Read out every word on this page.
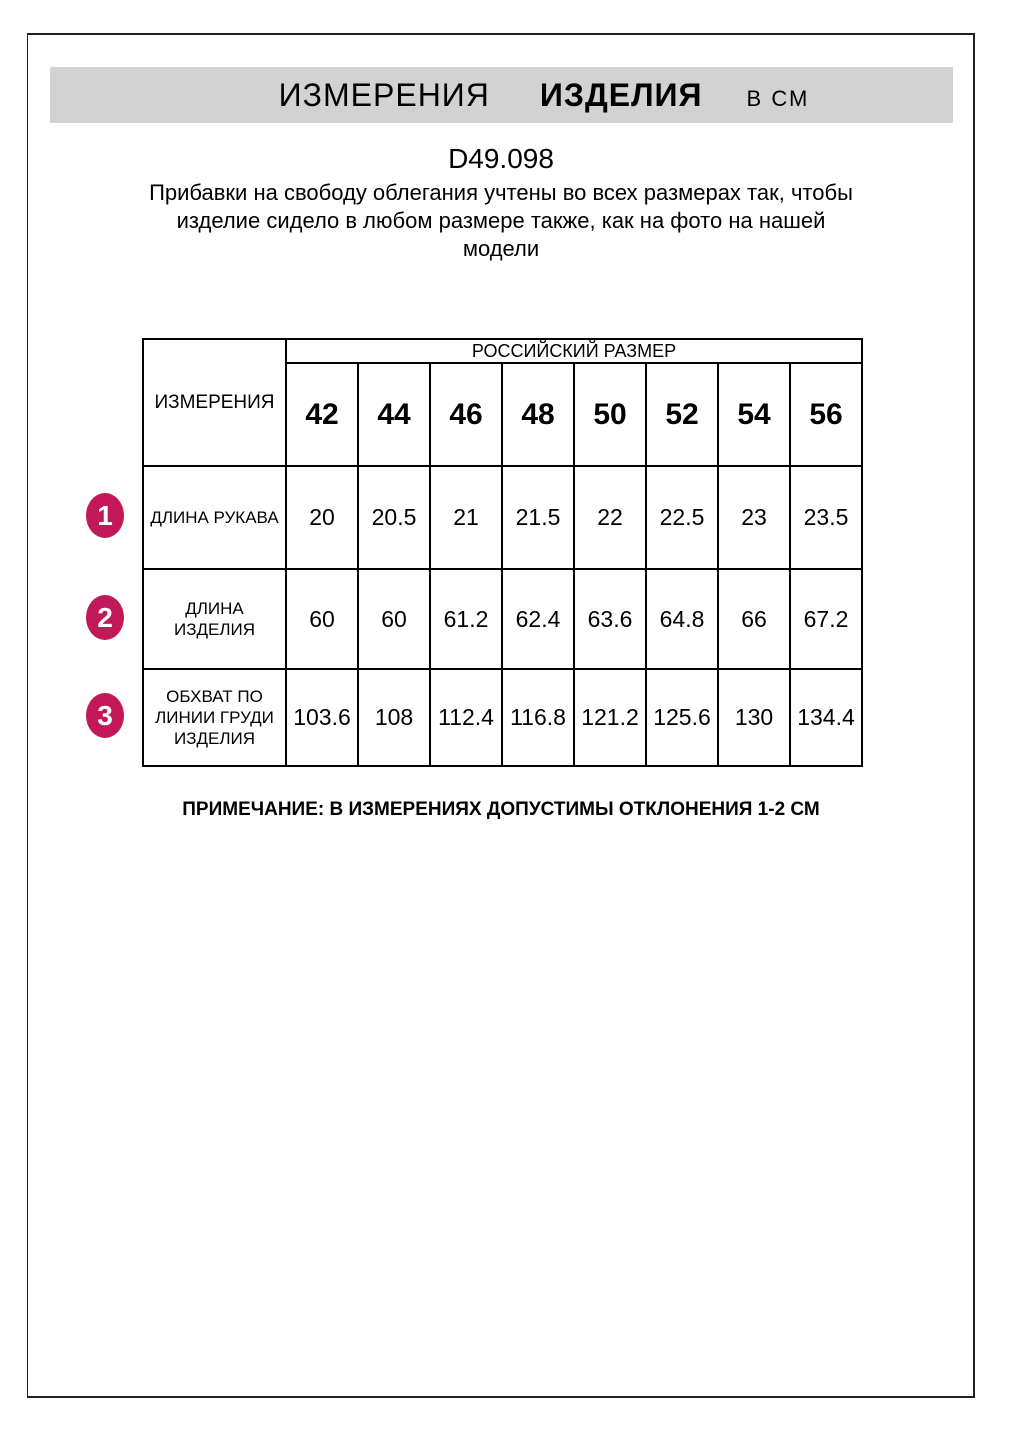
ИЗМЕРЕНИЯ ИЗДЕЛИЯ В СМ
D49.098
Прибавки на свободу облегания учтены во всех размерах так, чтобы
изделие сидело в любом размере также, как на фото на нашей
модели
ИЗМЕРЕНИЯ	РОССИЙСКИЙ РАЗМЕР							
	42	44	46	48	50	52	54	56

ДЛИНА РУКАВА	20	20.5	21	21.5	22	22.5	23	23.5

ДЛИНА
ИЗДЕЛИЯ	60	60	61.2	62.4	63.6	64.8	66	67.2

ОБХВАТ ПО
ЛИНИИ ГРУДИ
ИЗДЕЛИЯ	103.6	108	112.4	116.8	121.2	125.6	130	134.4
1
2
3
ПРИМЕЧАНИЕ: В ИЗМЕРЕНИЯХ ДОПУСТИМЫ ОТКЛОНЕНИЯ 1-2 СМ
